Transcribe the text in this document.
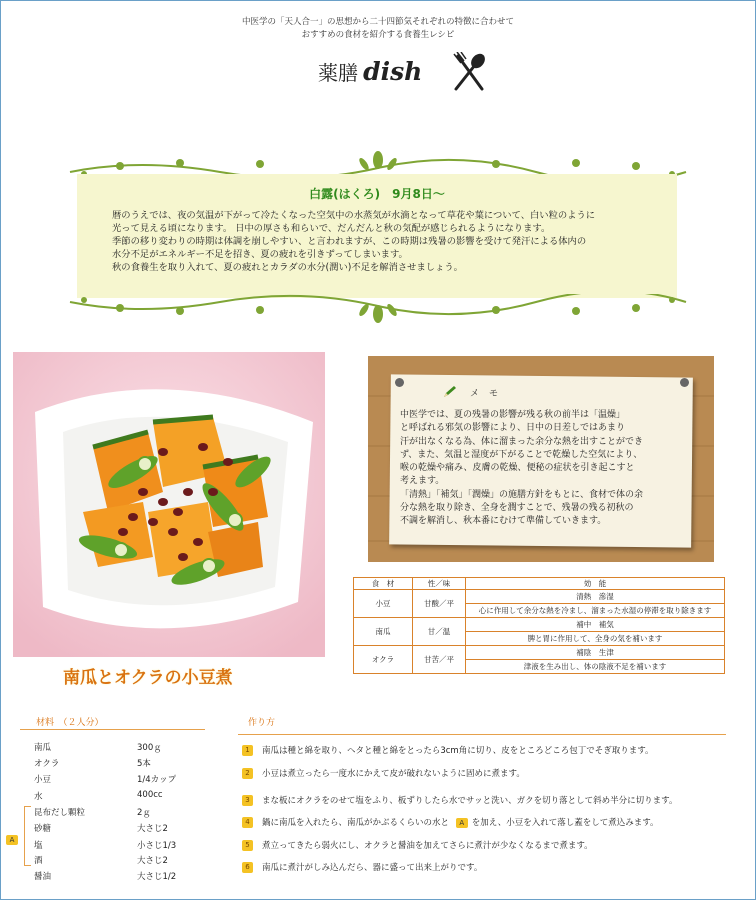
中医学の「天人合一」の思想から二十四節気それぞれの特徴に合わせて
おすすめの食材を紹介する食養生レシピ
薬膳 dish
白露(はくろ)　9月8日～

暦のうえでは、夜の気温が下がって冷たくなった空気中の水蒸気が水滴となって草花や葉について、白い粒のように

光って見える頃になります。 日中の厚さも和らいで、だんだんと秋の気配が感じられるようになります。

季節の移り変わりの時期は体調を崩しやすい、と言われますが、この時期は残暑の影響を受けて発汗による体内の

水分不足がエネルギー不足を招き、夏の疲れを引きずってしまいます。

秋の食養生を取り入れて、夏の疲れとカラダの水分(潤い)不足を解消させましょう。

南瓜とオクラの小豆煮
メモ

中医学では、夏の残暑の影響が残る秋の前半は「温燥」

と呼ばれる邪気の影響により、日中の日差しではあまり

汗が出なくなる為、体に溜まった余分な熱を出すことができ

ず、また、気温と湿度が下がることで乾燥した空気により、

喉の乾燥や痛み、皮膚の乾燥、便秘の症状を引き起こすと

考えます。

「清熱」「補気」「潤燥」の施膳方針をもとに、食材で体の余

分な熱を取り除き、全身を潤すことで、残暑の残る初秋の

不調を解消し、秋本番にむけて準備していきます。

食　材	性／味	効　能
小豆	甘酸／平	清熱　滲湿
		心に作用して余分な熱を冷まし、溜まった水湿の停滞を取り除きます
南瓜	甘／温	補中　補気
		脾と胃に作用して、全身の気を補います
オクラ	甘苦／平	補陰　生津
		津液を生み出し、体の陰液不足を補います
材料　（２人分）
南瓜	300ｇ
オクラ	5本
小豆	1/4カップ
水	400cc
昆布だし顆粒	2ｇ
砂糖	大さじ2
塩	小さじ1/3
酒	大さじ2
醤油	大さじ1/2
A
作り方
1 南瓜は種と綿を取り、ヘタと種と綿をとったら3cm角に切り、皮をところどころ包丁でそぎ取ります。
2 小豆は煮立ったら一度水にかえて皮が破れないように固めに煮ます。
3 まな板にオクラをのせて塩をふり、板ずりしたら水でサッと洗い、ガクを切り落として斜め半分に切ります。
4 鍋に南瓜を入れたら、南瓜がかぶるくらいの水と A を加え、小豆を入れて落し蓋をして煮込みます。
5 煮立ってきたら弱火にし、オクラと醤油を加えてさらに煮汁が少なくなるまで煮ます。
6 南瓜に煮汁がしみ込んだら、器に盛って出来上がりです。
